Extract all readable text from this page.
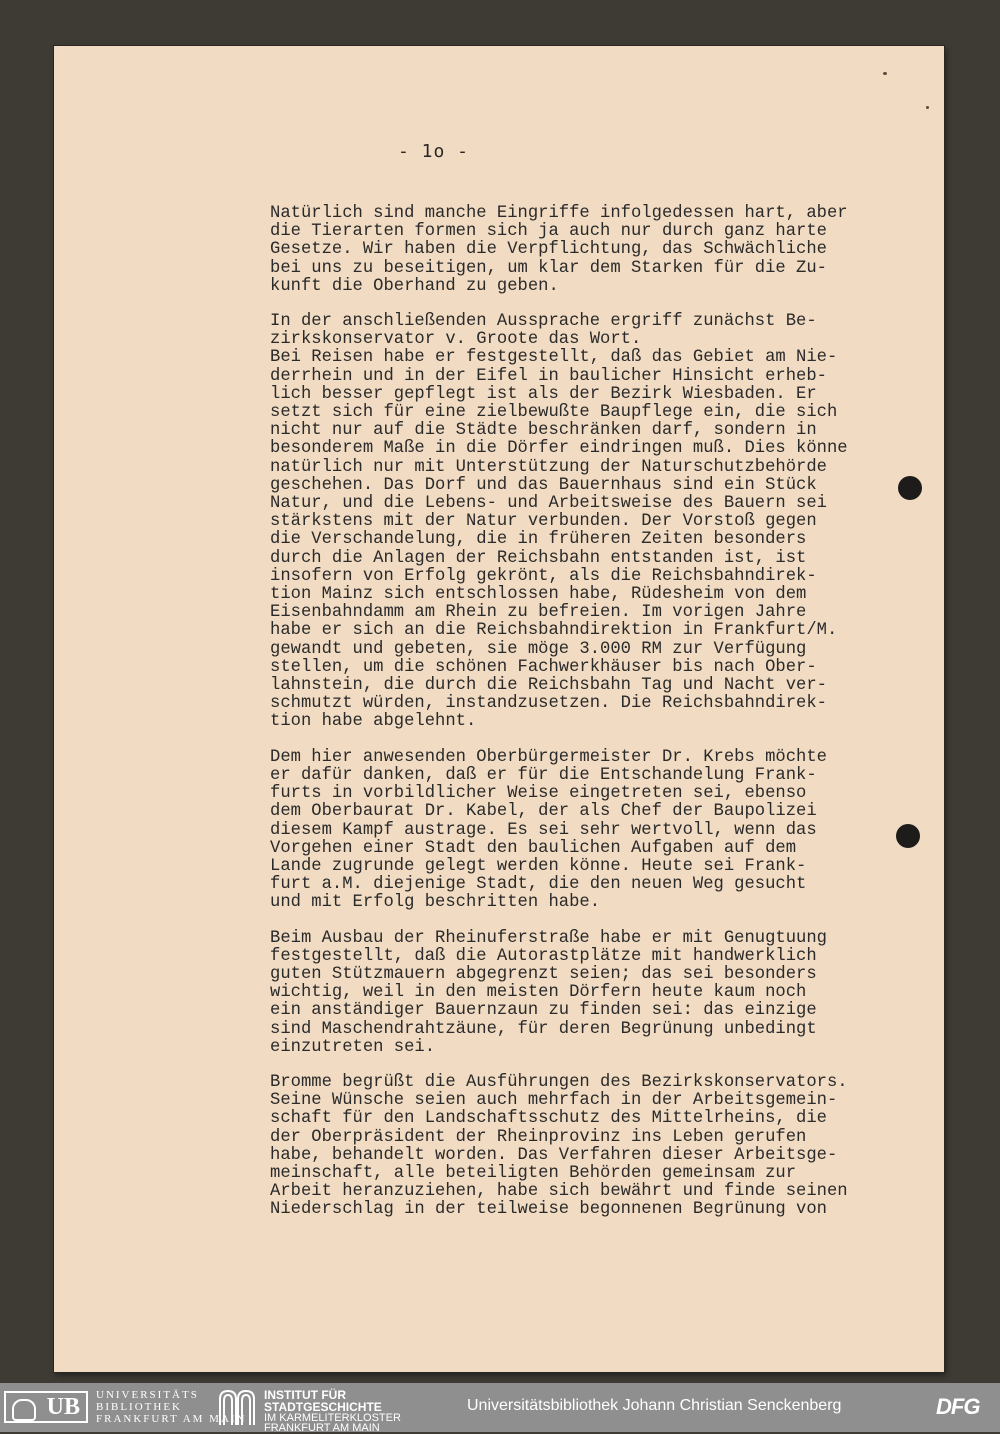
- 1o -
Natürlich sind manche Eingriffe infolgedessen hart, aber
die Tierarten formen sich ja auch nur durch ganz harte
Gesetze. Wir haben die Verpflichtung, das Schwächliche
bei uns zu beseitigen, um klar dem Starken für die Zu-
kunft die Oberhand zu geben.
In der anschließenden Aussprache ergriff zunächst Be-
zirkskonservator v. Groote das Wort.
Bei Reisen habe er festgestellt, daß das Gebiet am Nie-
derrhein und in der Eifel in baulicher Hinsicht erheb-
lich besser gepflegt ist als der Bezirk Wiesbaden. Er
setzt sich für eine zielbewußte Baupflege ein, die sich
nicht nur auf die Städte beschränken darf, sondern in
besonderem Maße in die Dörfer eindringen muß. Dies könne
natürlich nur mit Unterstützung der Naturschutzbehörde
geschehen. Das Dorf und das Bauernhaus sind ein Stück
Natur, und die Lebens- und Arbeitsweise des Bauern sei
stärkstens mit der Natur verbunden. Der Vorstoß gegen
die Verschandelung, die in früheren Zeiten besonders
durch die Anlagen der Reichsbahn entstanden ist, ist
insofern von Erfolg gekrönt, als die Reichsbahndirek-
tion Mainz sich entschlossen habe, Rüdesheim von dem
Eisenbahndamm am Rhein zu befreien. Im vorigen Jahre
habe er sich an die Reichsbahndirektion in Frankfurt/M.
gewandt und gebeten, sie möge 3.000 RM zur Verfügung
stellen, um die schönen Fachwerkhäuser bis nach Ober-
lahnstein, die durch die Reichsbahn Tag und Nacht ver-
schmutzt würden, instandzusetzen. Die Reichsbahndirek-
tion habe abgelehnt.
Dem hier anwesenden Oberbürgermeister Dr. Krebs möchte
er dafür danken, daß er für die Entschandelung Frank-
furts in vorbildlicher Weise eingetreten sei, ebenso
dem Oberbaurat Dr. Kabel, der als Chef der Baupolizei
diesem Kampf austrage. Es sei sehr wertvoll, wenn das
Vorgehen einer Stadt den baulichen Aufgaben auf dem
Lande zugrunde gelegt werden könne. Heute sei Frank-
furt a.M. diejenige Stadt, die den neuen Weg gesucht
und mit Erfolg beschritten habe.
Beim Ausbau der Rheinuferstraße habe er mit Genugtuung
festgestellt, daß die Autorastplätze mit handwerklich
guten Stützmauern abgegrenzt seien; das sei besonders
wichtig, weil in den meisten Dörfern heute kaum noch
ein anständiger Bauernzaun zu finden sei: das einzige
sind Maschendrahtzäune, für deren Begrünung unbedingt
einzutreten sei.
Bromme begrüßt die Ausführungen des Bezirkskonservators.
Seine Wünsche seien auch mehrfach in der Arbeitsgemein-
schaft für den Landschaftsschutz des Mittelrheins, die
der Oberpräsident der Rheinprovinz ins Leben gerufen
habe, behandelt worden. Das Verfahren dieser Arbeitsge-
meinschaft, alle beteiligten Behörden gemeinsam zur
Arbeit heranzuziehen, habe sich bewährt und finde seinen
Niederschlag in der teilweise begonnenen Begrünung von
UB	UNIVERSITÄTS
BIBLIOTHEK
FRANKFURT AM MAIN
INSTITUT FÜR
STADTGESCHICHTE
IM KARMELITERKLOSTER
FRANKFURT AM MAIN
Universitätsbibliothek Johann Christian Senckenberg	DFG
